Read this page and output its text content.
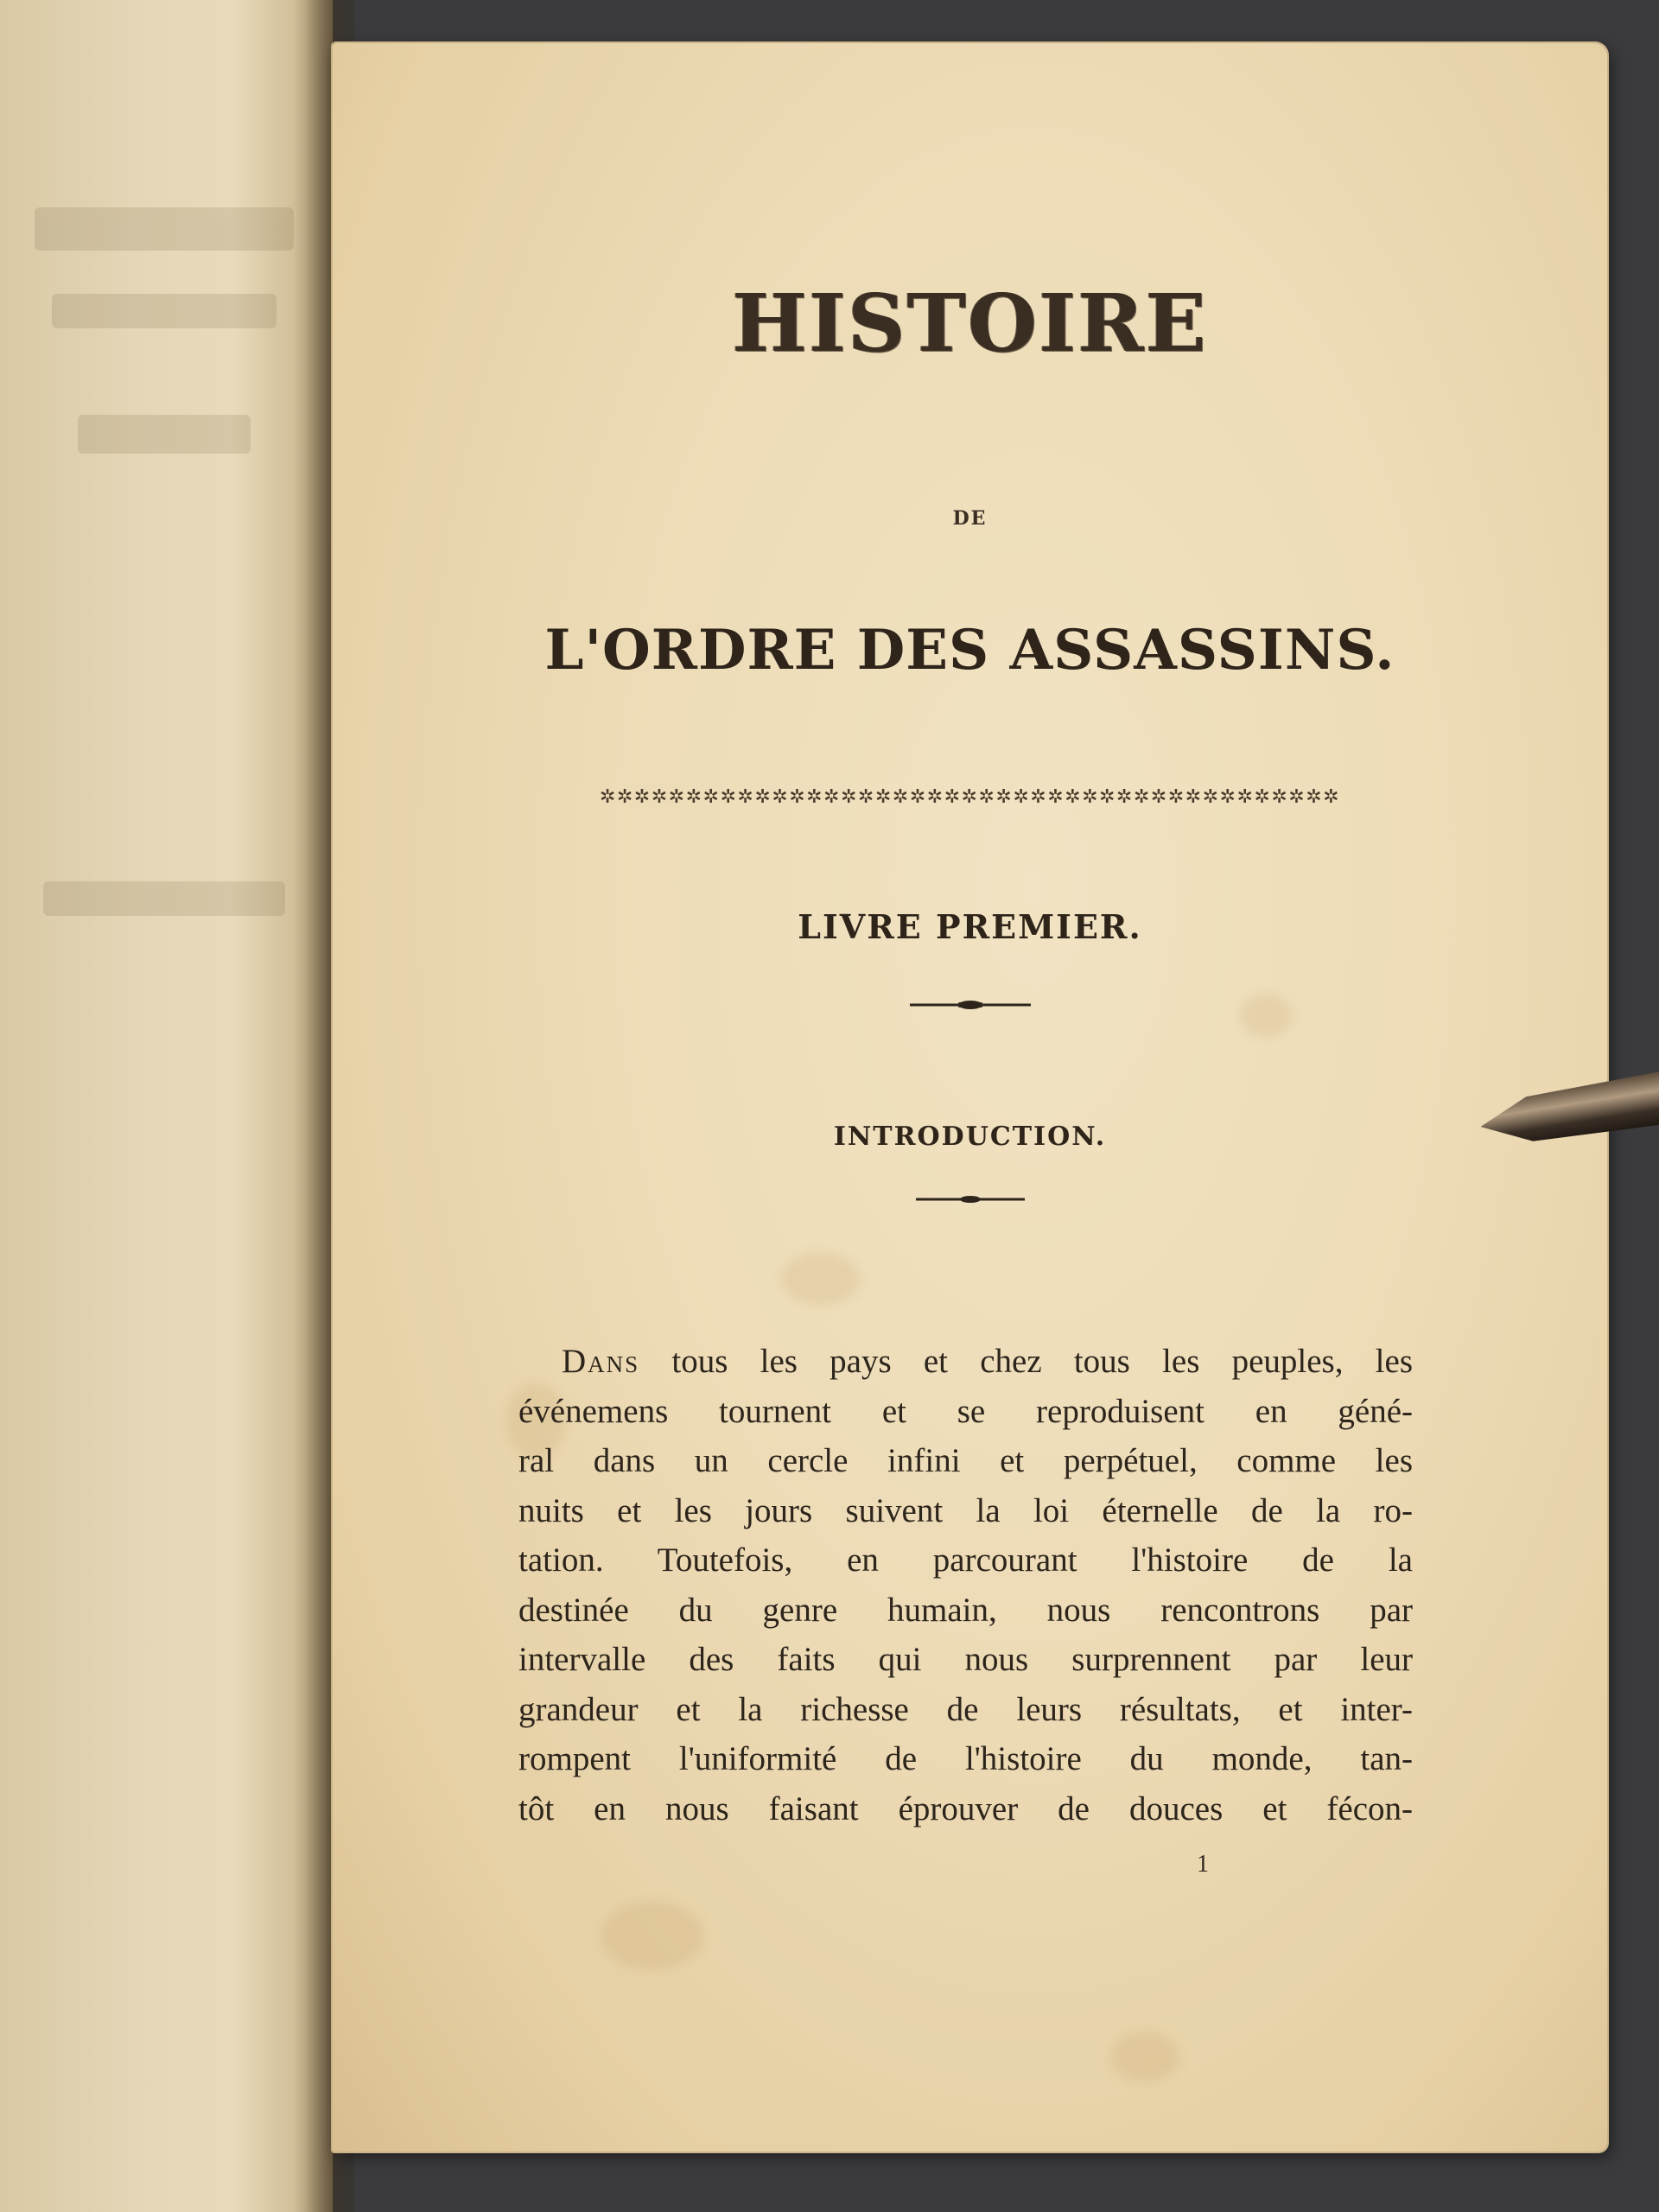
HISTOIRE
DE
L'ORDRE DES ASSASSINS.
✲✲✲✲✲✲✲✲✲✲✲✲✲✲✲✲✲✲✲✲✲✲✲✲✲✲✲✲✲✲✲✲✲✲✲✲✲✲✲✲✲✲✲
LIVRE PREMIER.
INTRODUCTION.
Dans tous les pays et chez tous les peuples, les
événemens tournent et se reproduisent en géné-
ral dans un cercle infini et perpétuel, comme les
nuits et les jours suivent la loi éternelle de la ro-
tation. Toutefois, en parcourant l'histoire de la
destinée du genre humain, nous rencontrons par
intervalle des faits qui nous surprennent par leur
grandeur et la richesse de leurs résultats, et inter-
rompent l'uniformité de l'histoire du monde, tan-
tôt en nous faisant éprouver de douces et fécon-
1
